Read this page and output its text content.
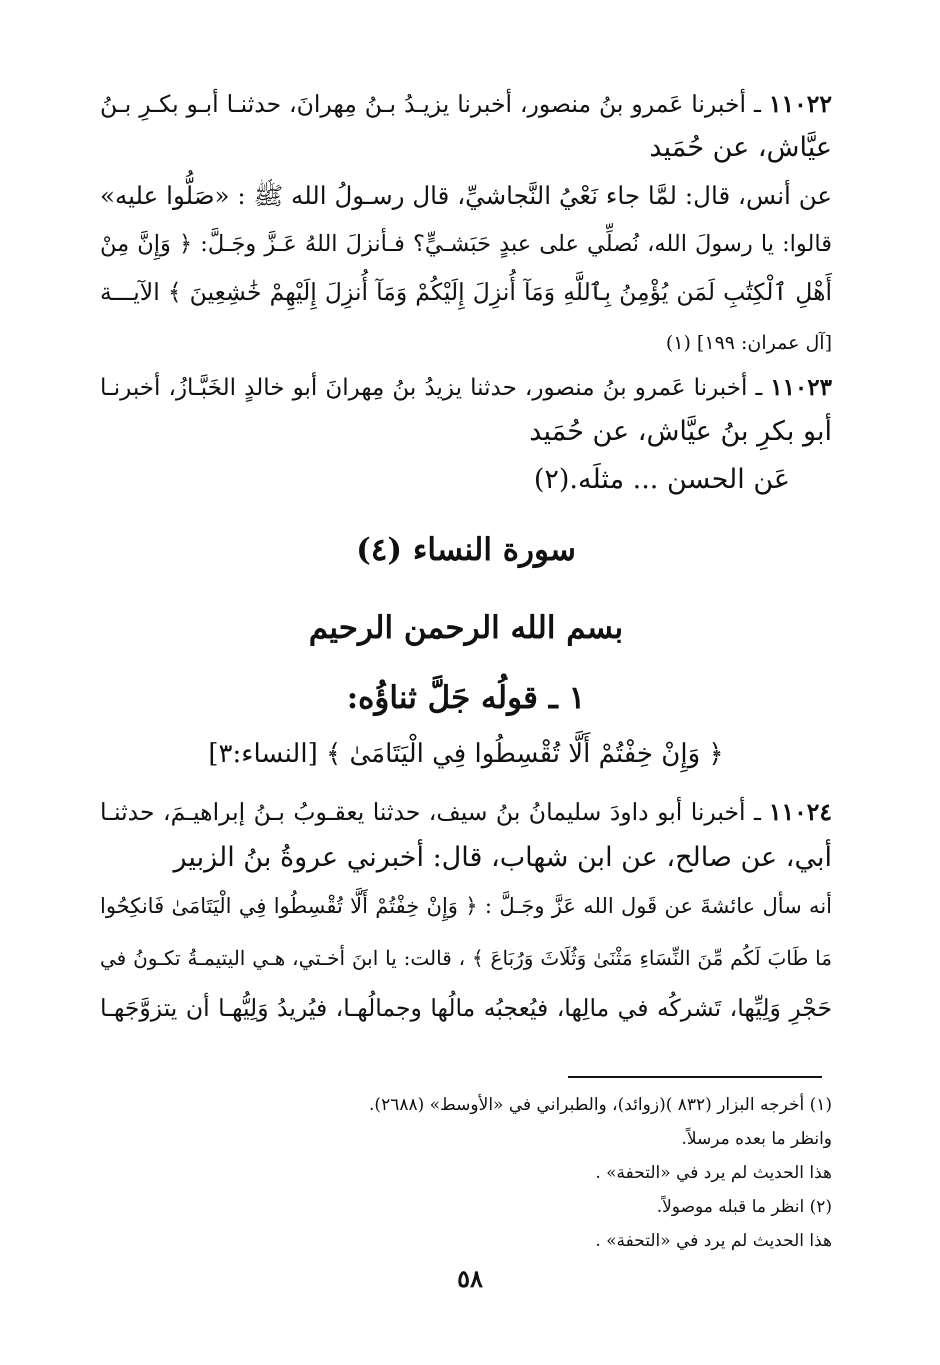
١١٠٢٢ـ أخبرنا عَمرو بنُ منصور، أخبرنا يزيـدُ بـنُ مِهرانَ، حدثنـا أبـو بكـرِ بـنُ
عيَّاش، عن حُمَيد
عن أنس، قال: لمَّا جاء نَعْيُ النَّجاشيِّ، قال رسـولُ الله ﷺ : «صَلُّوا عليه»
قالوا: يا رسولَ الله، نُصلِّي على عبدٍ حَبَشـيٍّ؟ فـأنزلَ اللهُ عَـزَّ وجَـلَّ: ﴿ وَإِنَّ مِنْ
أَهْلِ ٱلْكِتَٰبِ لَمَن يُؤْمِنُ بِٱللَّهِ وَمَآ أُنزِلَ إِلَيْكُمْ وَمَآ أُنزِلَ إِلَيْهِمْ خَٰشِعِينَ ﴾ الآيـــة
[آل عمران: ١٩٩] (١)
١١٠٢٣ـ أخبرنا عَمرو بنُ منصور، حدثنا يزيدُ بنُ مِهرانَ أبو خالدٍ الخَبَّـازُ، أخبرنـا
أبو بكرِ بنُ عيَّاش، عن حُمَيد
عَن الحسن ... مثلَه.(٢)
سورة النساء (٤)
بسم الله الرحمن الرحيم
١ ـ قولُه جَلَّ ثناؤُه:
﴿ وَإِنْ خِفْتُمْ أَلَّا تُقْسِطُوا فِي الْيَتَامَىٰ ﴾ [النساء:٣]
١١٠٢٤ـ أخبرنا أبو داودَ سليمانُ بنُ سيف، حدثنا يعقـوبُ بـنُ إبراهيـمَ، حدثنـا
أبي، عن صالح، عن ابن شهاب، قال: أخبرني عروةُ بنُ الزبير
أنه سأل عائشةَ عن قَول الله عَزَّ وجَـلَّ : ﴿ وَإِنْ خِفْتُمْ أَلَّا تُقْسِطُوا فِي الْيَتَامَىٰ فَانكِحُوا
مَا طَابَ لَكُم مِّنَ النِّسَاءِ مَثْنَىٰ وَثُلَاثَ وَرُبَاعَ ﴾ ، قالت: يا ابنَ أخـتي، هـي اليتيمـةُ تكـونُ في
حَجْرِ وَلِيِّها، تَشركُه في مالِها، فيُعجبُه مالُها وجمالُهـا، فيُريدُ وَلِيُّهـا أن يتزوَّجَهـا
(١) أخرجه البزار (٨٣٢ )(زوائد)، والطبراني في «الأوسط» (٢٦٨٨).
وانظر ما بعده مرسلاً.
هذا الحديث لم يرد في «التحفة» .
(٢) انظر ما قبله موصولاً.
هذا الحديث لم يرد في «التحفة» .
٥٨
